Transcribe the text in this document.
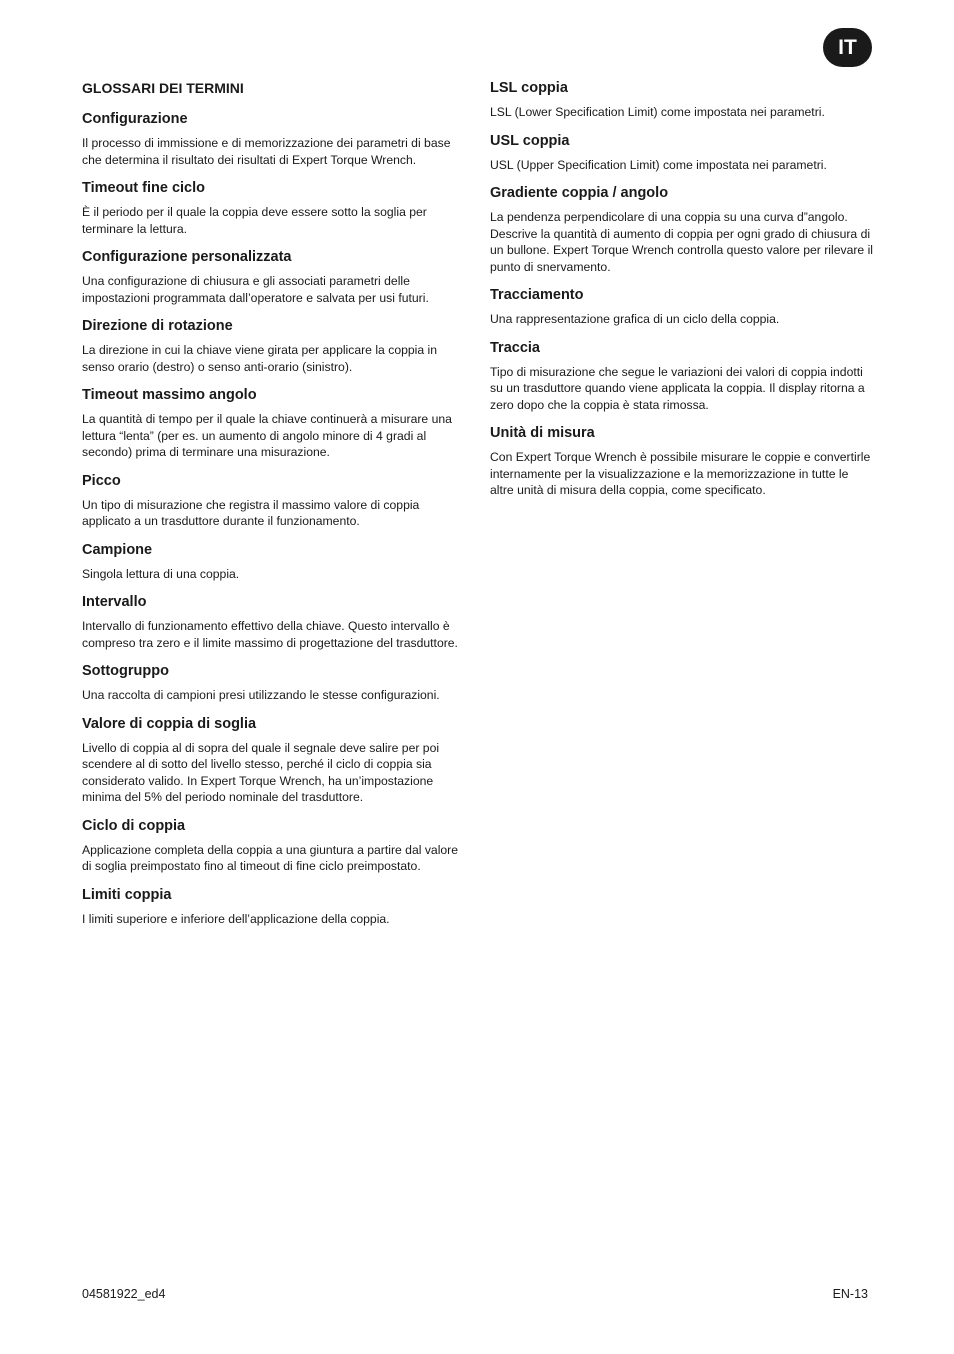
IT
GLOSSARI DEI TERMINI
Configurazione

Il processo di immissione e di memorizzazione dei parametri di base che determina il risultato dei risultati di Expert Torque Wrench.

Timeout fine ciclo

È il periodo per il quale la coppia deve essere sotto la soglia per terminare la lettura.

Configurazione personalizzata

Una configurazione di chiusura e gli associati parametri delle impostazioni programmata dall’operatore e salvata per usi futuri.

Direzione di rotazione

La direzione in cui la chiave viene girata per applicare la coppia in senso orario (destro) o senso anti-orario (sinistro).

Timeout massimo angolo

La quantità di tempo per il quale la chiave continuerà a misurare una lettura “lenta” (per es. un aumento di angolo minore di 4 gradi al secondo) prima di terminare una misurazione.

Picco

Un tipo di misurazione che registra il massimo valore di coppia applicato a un trasduttore durante il funzionamento.

Campione

Singola lettura di una coppia.

Intervallo

Intervallo di funzionamento effettivo della chiave. Questo intervallo è compreso tra zero e il limite massimo di progettazione del trasduttore.

Sottogruppo

Una raccolta di campioni presi utilizzando le stesse configurazioni.

Valore di coppia di soglia

Livello di coppia al di sopra del quale il segnale deve salire per poi scendere al di sotto del livello stesso, perché il ciclo di coppia sia considerato valido. In Expert Torque Wrench, ha un’impostazione minima del 5% del periodo nominale del trasduttore.

Ciclo di coppia

Applicazione completa della coppia a una giuntura a partire dal valore di soglia preimpostato fino al timeout di fine ciclo preimpostato.

Limiti coppia

I limiti superiore e inferiore dell’applicazione della coppia.

LSL coppia

LSL (Lower Specification Limit) come impostata nei parametri.

USL coppia

USL (Upper Specification Limit) come impostata nei parametri.

Gradiente coppia / angolo

La pendenza perpendicolare di una coppia su una curva d”angolo. Descrive la quantità di aumento di coppia per ogni grado di chiusura di un bullone. Expert Torque Wrench controlla questo valore per rilevare il punto di snervamento.

Tracciamento

Una rappresentazione grafica di un ciclo della coppia.

Traccia

Tipo di misurazione che segue le variazioni dei valori di coppia indotti su un trasduttore quando viene applicata la coppia. Il display ritorna a zero dopo che la coppia è stata rimossa.

Unità di misura

Con Expert Torque Wrench è possibile misurare le coppie e convertirle internamente per la visualizzazione e la memorizzazione in tutte le altre unità di misura della coppia, come specificato.

04581922_ed4	EN-13
